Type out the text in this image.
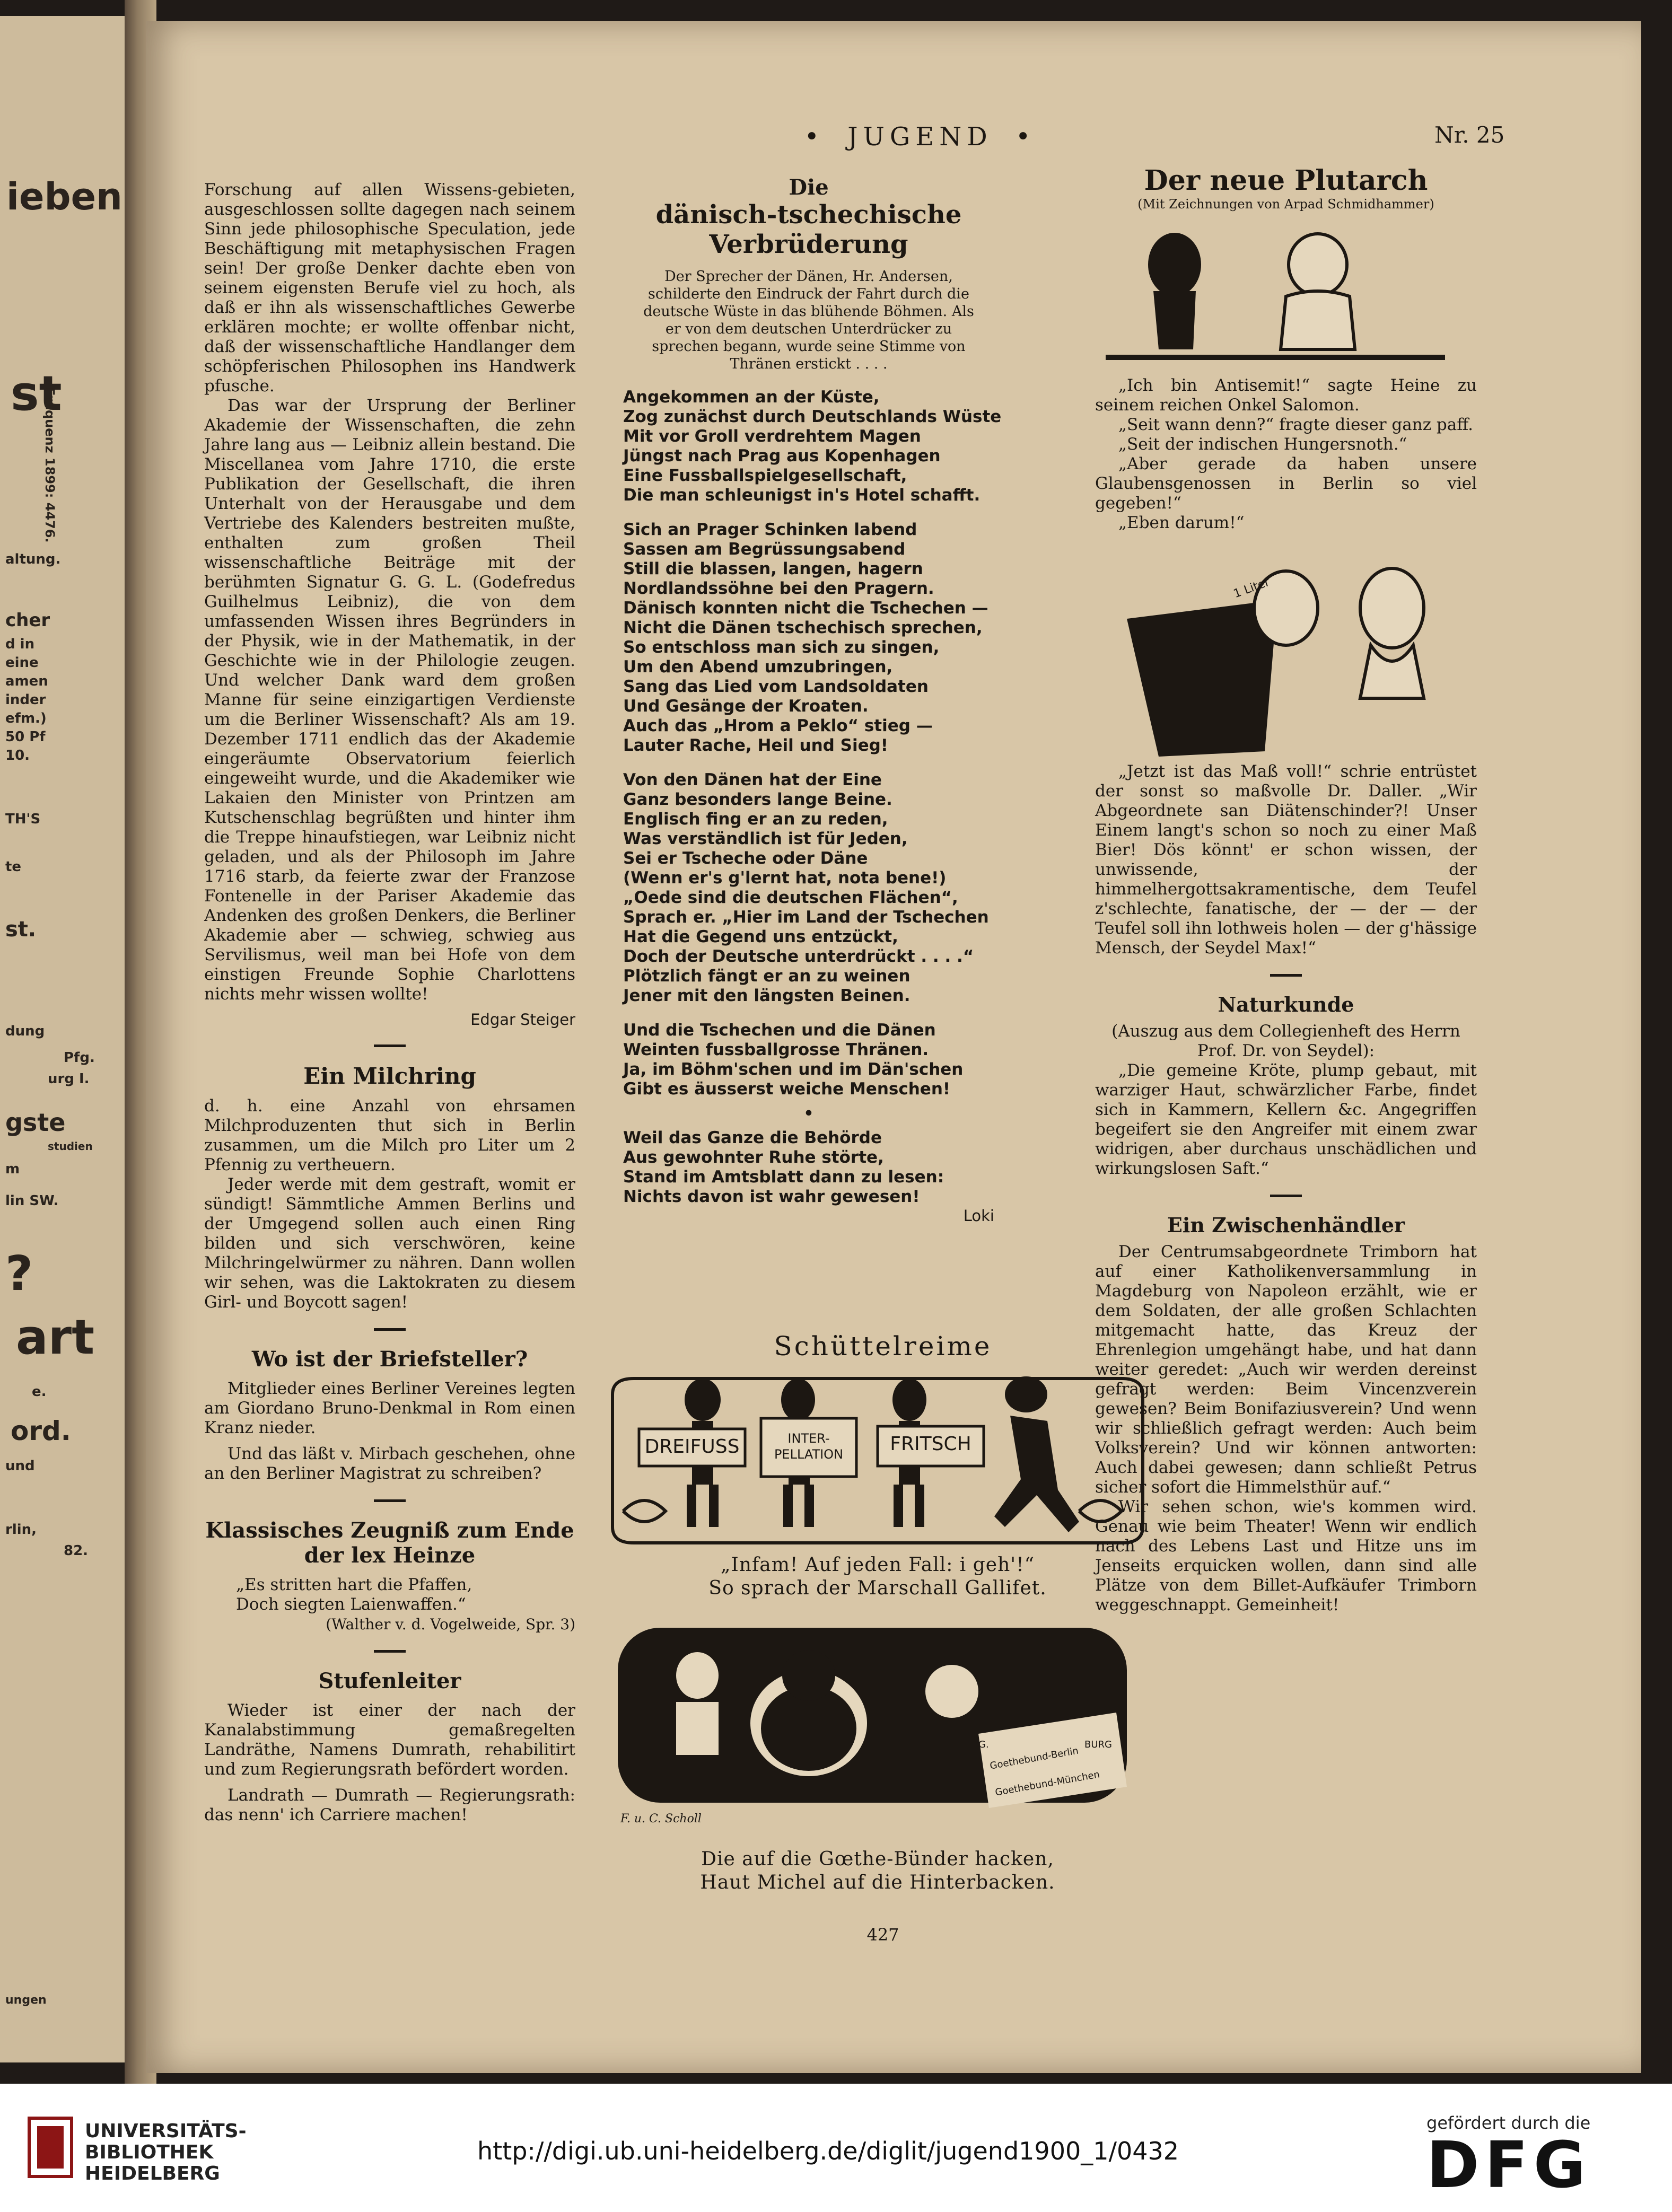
ieben
st
Frequenz 1899: 4476.
altung.
cher
d in
eine
amen
inder
efm.)
50 Pf
10.
TH'S
te
st.
dung
Pfg.
urg I.
gste
studien
m
lin SW.
?
art
e.
ord.
und
rlin,
82.
ungen
• JUGEND •	Nr. 25

Forschung auf allen Wissens-gebieten, ausgeschlossen sollte dagegen nach seinem Sinn jede philosophische Speculation, jede Beschäftigung mit metaphysischen Fragen sein! Der große Denker dachte eben von seinem eigensten Berufe viel zu hoch, als daß er ihn als wissenschaftliches Gewerbe erklären mochte; er wollte offenbar nicht, daß der wissenschaftliche Handlanger dem schöpferischen Philosophen ins Handwerk pfusche.

Das war der Ursprung der Berliner Akademie der Wissenschaften, die zehn Jahre lang aus — Leibniz allein bestand. Die Miscellanea vom Jahre 1710, die erste Publikation der Gesellschaft, die ihren Unterhalt von der Herausgabe und dem Vertriebe des Kalenders bestreiten mußte, enthalten zum großen Theil wissenschaftliche Beiträge mit der berühmten Signatur G. G. L. (Godefredus Guilhelmus Leibniz), die von dem umfassenden Wissen ihres Begründers in der Physik, wie in der Mathematik, in der Geschichte wie in der Philologie zeugen. Und welcher Dank ward dem großen Manne für seine einzigartigen Verdienste um die Berliner Wissenschaft? Als am 19. Dezember 1711 endlich das der Akademie eingeräumte Observatorium feierlich eingeweiht wurde, und die Akademiker wie Lakaien den Minister von Printzen am Kutschenschlag begrüßten und hinter ihm die Treppe hinaufstiegen, war Leibniz nicht geladen, und als der Philosoph im Jahre 1716 starb, da feierte zwar der Franzose Fontenelle in der Pariser Akademie das Andenken des großen Denkers, die Berliner Akademie aber — schwieg, schwieg aus Servilismus, weil man bei Hofe von dem einstigen Freunde Sophie Charlottens nichts mehr wissen wollte!

Edgar Steiger

Ein Milchring

d. h. eine Anzahl von ehrsamen Milchproduzenten thut sich in Berlin zusammen, um die Milch pro Liter um 2 Pfennig zu vertheuern.

Jeder werde mit dem gestraft, womit er sündigt! Sämmtliche Ammen Berlins und der Umgegend sollen auch einen Ring bilden und sich verschwören, keine Milchringelwürmer zu nähren. Dann wollen wir sehen, was die Laktokraten zu diesem Girl- und Boycott sagen!

Wo ist der Briefsteller?

Mitglieder eines Berliner Vereines legten am Giordano Bruno-Denkmal in Rom einen Kranz nieder.

Und das läßt v. Mirbach geschehen, ohne an den Berliner Magistrat zu schreiben?

Klassisches Zeugniß zum Ende

der lex Heinze

„Es stritten hart die Pfaffen,

Doch siegten Laienwaffen.“

(Walther v. d. Vogelweide, Spr. 3)

Stufenleiter

Wieder ist einer der nach der Kanalabstimmung gemaßregelten Landräthe, Namens Dumrath, rehabilitirt und zum Regierungsrath befördert worden.

Landrath — Dumrath — Regierungsrath: das nenn' ich Carriere machen!

Die

dänisch-tschechische Verbrüderung

Der Sprecher der Dänen, Hr. Andersen, schilderte den Eindruck der Fahrt durch die deutsche Wüste in das blühende Böhmen. Als er von dem deutschen Unterdrücker zu sprechen begann, wurde seine Stimme von Thränen erstickt . . . .

Angekommen an der Küste,

Zog zunächst durch Deutschlands Wüste

Mit vor Groll verdrehtem Magen

Jüngst nach Prag aus Kopenhagen

Eine Fussballspielgesellschaft,

Die man schleunigst in's Hotel schafft.

Sich an Prager Schinken labend

Sassen am Begrüssungsabend

Still die blassen, langen, hagern

Nordlandssöhne bei den Pragern.

Dänisch konnten nicht die Tschechen —

Nicht die Dänen tschechisch sprechen,

So entschloss man sich zu singen,

Um den Abend umzubringen,

Sang das Lied vom Landsoldaten

Und Gesänge der Kroaten.

Auch das „Hrom a Peklo“ stieg —

Lauter Rache, Heil und Sieg!

Von den Dänen hat der Eine

Ganz besonders lange Beine.

Englisch fing er an zu reden,

Was verständlich ist für Jeden,

Sei er Tscheche oder Däne

(Wenn er's g'lernt hat, nota bene!)

„Oede sind die deutschen Flächen“,

Sprach er. „Hier im Land der Tschechen

Hat die Gegend uns entzückt,

Doch der Deutsche unterdrückt . . . .“

Plötzlich fängt er an zu weinen

Jener mit den längsten Beinen.

Und die Tschechen und die Dänen

Weinten fussballgrosse Thränen.

Ja, im Böhm'schen und im Dän'schen

Gibt es äusserst weiche Menschen!

•

Weil das Ganze die Behörde

Aus gewohnter Ruhe störte,

Stand im Amtsblatt dann zu lesen:

Nichts davon ist wahr gewesen!

Loki

Schüttelreime
DREIFUSS	INTER-PELLATION	FRITSCH
„Infam! Auf jeden Fall: i geh'!“
So sprach der Marschall Gallifet.
Goethebund-Berlin
Goethebund-München
G.	BURG
F. u. C. Scholl
Die auf die Gœthe-Bünder hacken,
Haut Michel auf die Hinterbacken.

Der neue Plutarch

(Mit Zeichnungen von Arpad Schmidhammer)

„Ich bin Antisemit!“ sagte Heine zu seinem reichen Onkel Salomon.

„Seit wann denn?“ fragte dieser ganz paff.

„Seit der indischen Hungersnoth.“

„Aber gerade da haben unsere Glaubensgenossen in Berlin so viel gegeben!“

„Eben darum!“

1 Liter

„Jetzt ist das Maß voll!“ schrie entrüstet der sonst so maßvolle Dr. Daller. „Wir Abgeordnete san Diätenschinder?! Unser Einem langt's schon so noch zu einer Maß Bier! Dös könnt' er schon wissen, der unwissende, der himmelhergottsakramentische, dem Teufel z'schlechte, fanatische, der — der — der Teufel soll ihn lothweis holen — der g'hässige Mensch, der Seydel Max!“

Naturkunde

(Auszug aus dem Collegienheft des Herrn Prof. Dr. von Seydel):

„Die gemeine Kröte, plump gebaut, mit warziger Haut, schwärzlicher Farbe, findet sich in Kammern, Kellern &c. Angegriffen begeifert sie den Angreifer mit einem zwar widrigen, aber durchaus unschädlichen und wirkungslosen Saft.“

Ein Zwischenhändler

Der Centrumsabgeordnete Trimborn hat auf einer Katholikenversammlung in Magdeburg von Napoleon erzählt, wie er dem Soldaten, der alle großen Schlachten mitgemacht hatte, das Kreuz der Ehrenlegion umgehängt habe, und hat dann weiter geredet: „Auch wir werden dereinst gefragt werden: Beim Vincenzverein gewesen? Beim Bonifaziusverein? Und wenn wir schließlich gefragt werden: Auch beim Volksverein? Und wir können antworten: Auch dabei gewesen; dann schließt Petrus sicher sofort die Himmelsthür auf.“

Wir sehen schon, wie's kommen wird. Genau wie beim Theater! Wenn wir endlich nach des Lebens Last und Hitze uns im Jenseits erquicken wollen, dann sind alle Plätze von dem Billet-Aufkäufer Trimborn weggeschnappt. Gemeinheit!

427
UNIVERSITÄTS-
BIBLIOTHEK
HEIDELBERG
http://digi.ub.uni-heidelberg.de/diglit/jugend1900_1/0432
gefördert durch die
DFG
